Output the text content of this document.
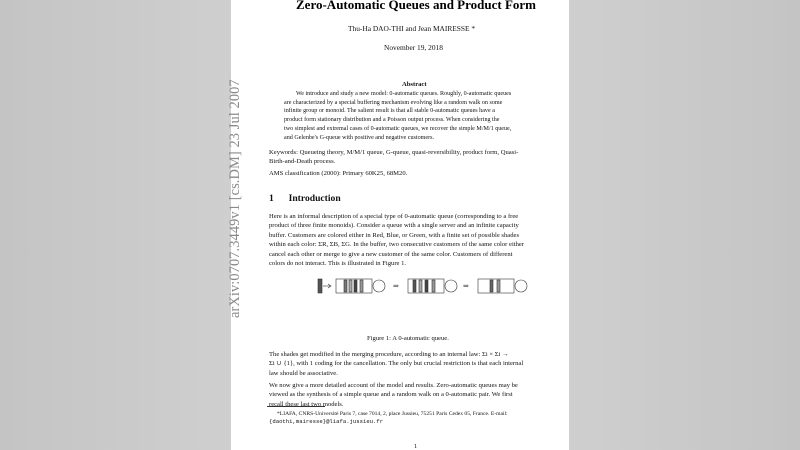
arXiv:0707.3449v1 [cs.DM] 23 Jul 2007
Zero-Automatic Queues and Product Form
Thu-Ha DAO-THI and Jean MAIRESSE *
November 19, 2018
Abstract
We introduce and study a new model: 0-automatic queues. Roughly, 0-automatic queues
are characterized by a special buffering mechanism evolving like a random walk on some
infinite group or monoid. The salient result is that all stable 0-automatic queues have a
product form stationary distribution and a Poisson output process. When considering the
two simplest and extremal cases of 0-automatic queues, we recover the simple M/M/1 queue,
and Gelenbe's G-queue with positive and negative customers.
Keywords: Queueing theory, M/M/1 queue, G-queue, quasi-reversibility, product form, Quasi-
Birth-and-Death process.
AMS classification (2000): Primary 60K25, 68M20.
1 Introduction
Here is an informal description of a special type of 0-automatic queue (corresponding to a free
product of three finite monoids). Consider a queue with a single server and an infinite capacity
buffer. Customers are colored either in Red, Blue, or Green, with a finite set of possible shades
within each color: ΣR, ΣB, ΣG. In the buffer, two consecutive customers of the same color either
cancel each other or merge to give a new customer of the same color. Customers of different
colors do not interact. This is illustrated in Figure 1.
⇒	⇒
Figure 1: A 0-automatic queue.
The shades get modified in the merging procedure, according to an internal law: Σi × Σi →
Σi ∪ {1}, with 1 coding for the cancellation. The only but crucial restriction is that each internal
law should be associative.
We now give a more detailed account of the model and results. Zero-automatic queues may be
viewed as the synthesis of a simple queue and a random walk on a 0-automatic pair. We first
recall these last two models.
*LIAFA, CNRS-Université Paris 7, case 7014, 2, place Jussieu, 75251 Paris Cedex 05, France. E-mail:
{daothi,mairesse}@liafa.jussieu.fr
1
